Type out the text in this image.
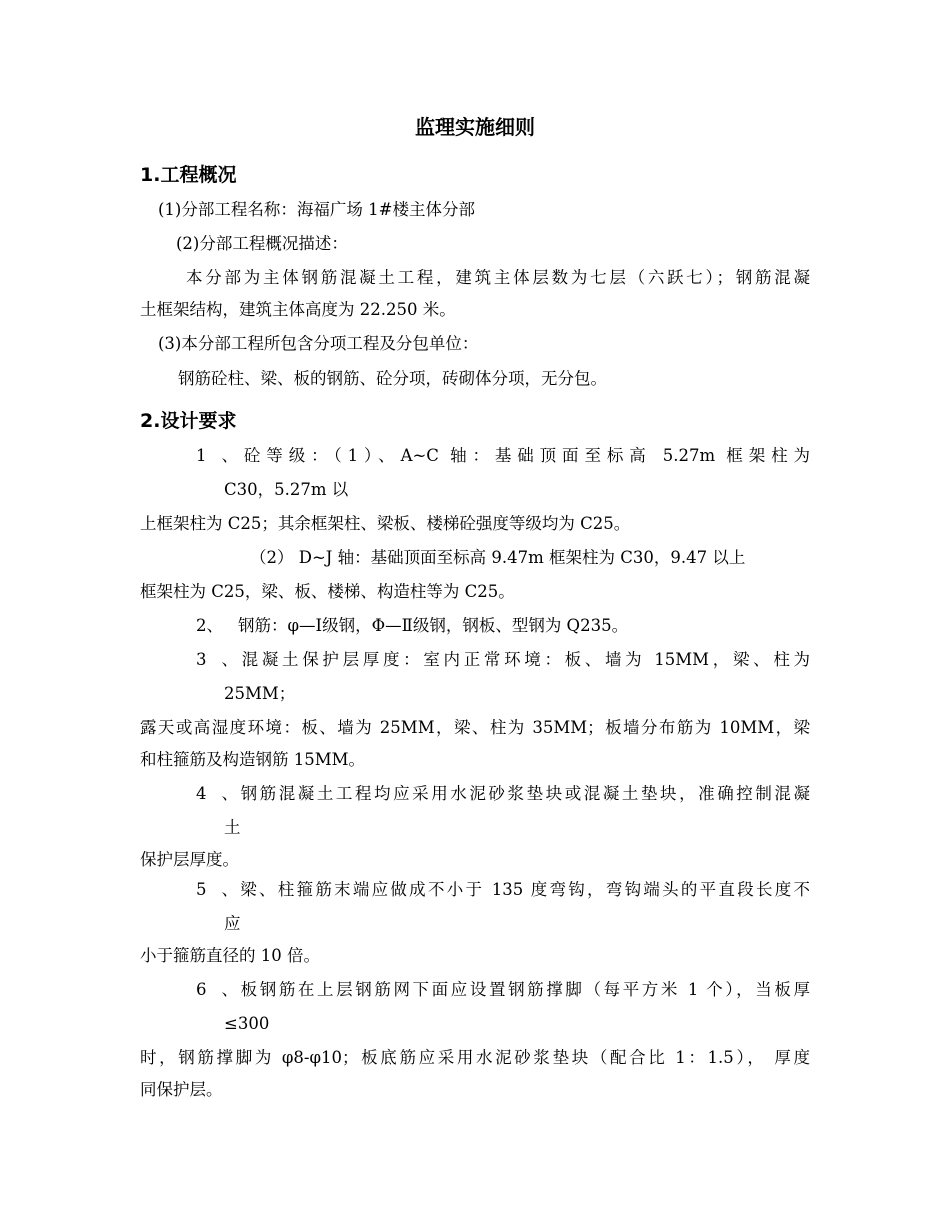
监理实施细则
1.工程概况
(1)分部工程名称：海福广场 1#楼主体分部
(2)分部工程概况描述：
本分部为主体钢筋混凝土工程，建筑主体层数为七层（六跃七）；钢筋混凝
土框架结构，建筑主体高度为 22.250 米。
(3)本分部工程所包含分项工程及分包单位：
钢筋砼柱、梁、板的钢筋、砼分项，砖砌体分项，无分包。
2.设计要求
1、砼等级：（1）、A~C 轴：基础顶面至标高 5.27m 框架柱为
C30，5.27m 以
上框架柱为 C25；其余框架柱、梁板、楼梯砼强度等级均为 C25。
（2） D~J 轴：基础顶面至标高 9.47m 框架柱为 C30，9.47 以上
框架柱为 C25，梁、板、楼梯、构造柱等为 C25。
2、 钢筋：φ—Ⅰ级钢，Φ—Ⅱ级钢，钢板、型钢为 Q235。
3、混凝土保护层厚度：室内正常环境：板、墙为 15MM，梁、柱为
25MM；
露天或高湿度环境：板、墙为 25MM，梁、柱为 35MM；板墙分布筋为 10MM，梁
和柱箍筋及构造钢筋 15MM。
4、钢筋混凝土工程均应采用水泥砂浆垫块或混凝土垫块，准确控制混凝
土
保护层厚度。
5、梁、柱箍筋末端应做成不小于 135 度弯钩，弯钩端头的平直段长度不
应
小于箍筋直径的 10 倍。
6、板钢筋在上层钢筋网下面应设置钢筋撑脚（每平方米 1 个），当板厚
≤300
时，钢筋撑脚为 φ8-φ10；板底筋应采用水泥砂浆垫块（配合比 1：1.5）， 厚度
同保护层。
